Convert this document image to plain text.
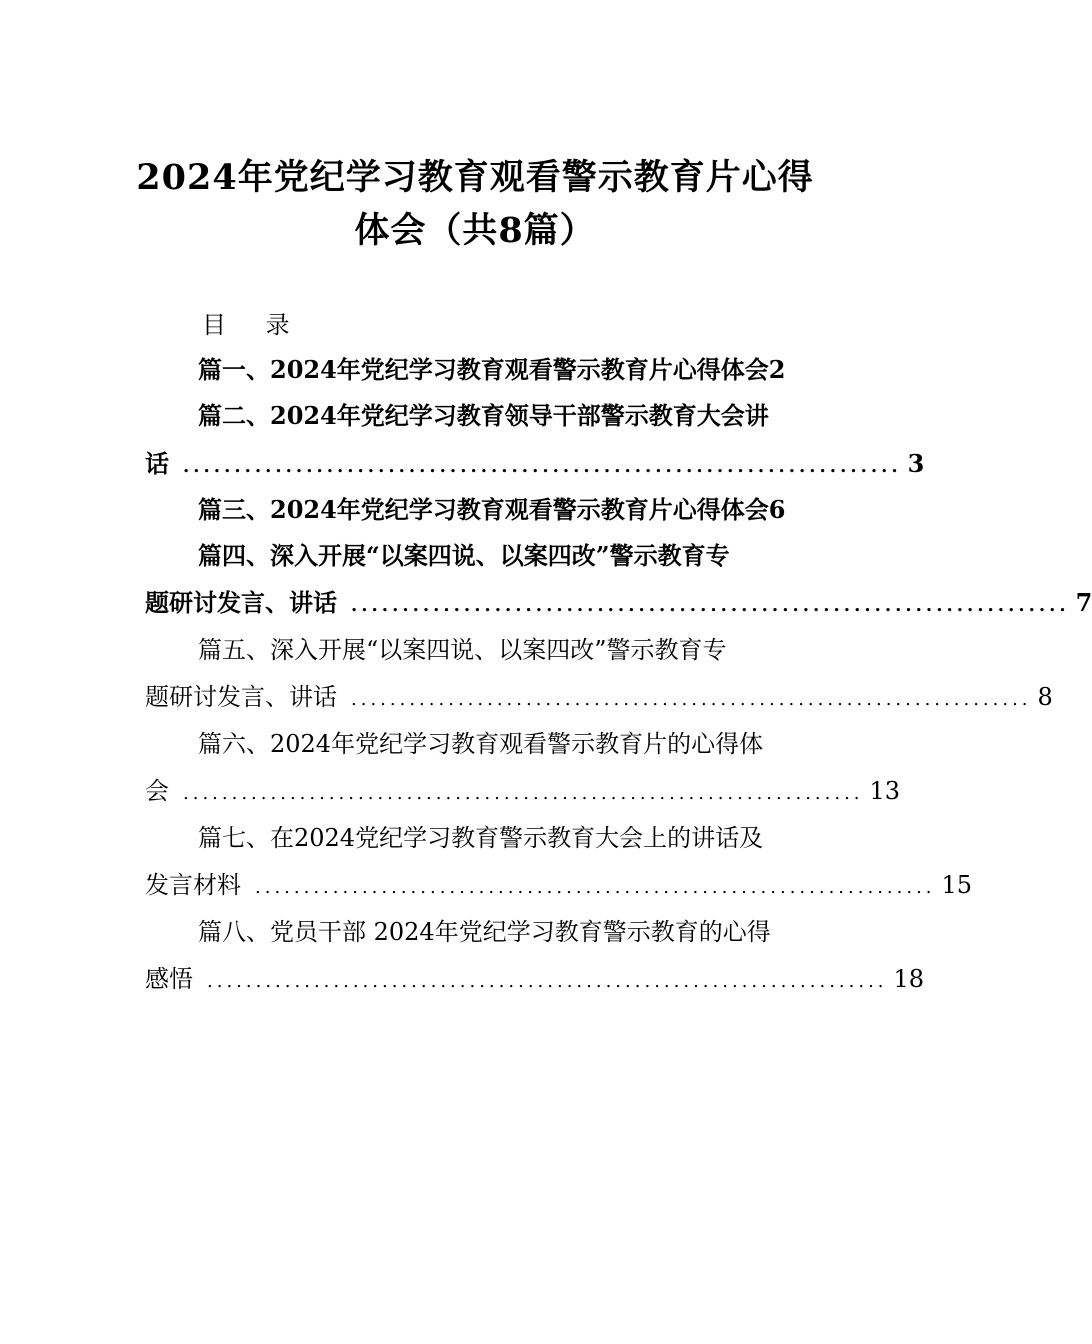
2024年党纪学习教育观看警示教育片心得
体会（共8篇）
目 录
篇一、2024年党纪学习教育观看警示教育片心得体会2
篇二、2024年党纪学习教育领导干部警示教育大会讲
话 ...................................................................... 3
篇三、2024年党纪学习教育观看警示教育片心得体会6
篇四、深入开展“以案四说、以案四改”警示教育专
题研讨发言、讲话 ...................................................................... 7
篇五、深入开展“以案四说、以案四改”警示教育专
题研讨发言、讲话 ...................................................................... 8
篇六、2024年党纪学习教育观看警示教育片的心得体
会 ...................................................................... 13
篇七、在2024党纪学习教育警示教育大会上的讲话及
发言材料 ...................................................................... 15
篇八、党员干部 2024年党纪学习教育警示教育的心得
感悟 ...................................................................... 18
